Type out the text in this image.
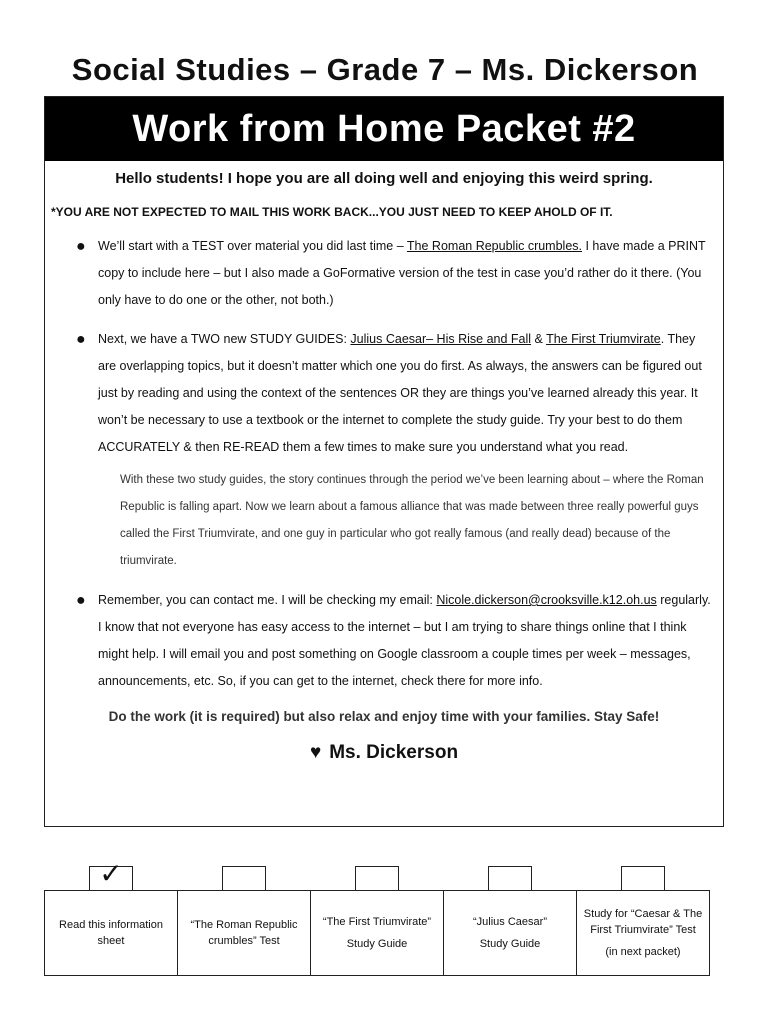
Social Studies – Grade 7 – Ms. Dickerson
Work from Home Packet #2
Hello students! I hope you are all doing well and enjoying this weird spring.
*YOU ARE NOT EXPECTED TO MAIL THIS WORK BACK...YOU JUST NEED TO KEEP AHOLD OF IT.
● We’ll start with a TEST over material you did last time – The Roman Republic crumbles. I have made a PRINT copy to include here – but I also made a GoFormative version of the test in case you’d rather do it there. (You only have to do one or the other, not both.)
● Next, we have a TWO new STUDY GUIDES: Julius Caesar– His Rise and Fall & The First Triumvirate. They are overlapping topics, but it doesn’t matter which one you do first. As always, the answers can be figured out just by reading and using the context of the sentences OR they are things you’ve learned already this year. It won’t be necessary to use a textbook or the internet to complete the study guide. Try your best to do them ACCURATELY & then RE-READ them a few times to make sure you understand what you read.
With these two study guides, the story continues through the period we’ve been learning about – where the Roman Republic is falling apart. Now we learn about a famous alliance that was made between three really powerful guys called the First Triumvirate, and one guy in particular who got really famous (and really dead) because of the triumvirate.
● Remember, you can contact me. I will be checking my email: Nicole.dickerson@crooksville.k12.oh.us regularly. I know that not everyone has easy access to the internet – but I am trying to share things online that I think might help. I will email you and post something on Google classroom a couple times per week – messages, announcements, etc. So, if you can get to the internet, check there for more info.
Do the work (it is required) but also relax and enjoy time with your families. Stay Safe!
♥ Ms. Dickerson
✓
Read this information sheet
“The Roman Republic crumbles” Test
“The First Triumvirate”
Study Guide
“Julius Caesar”
Study Guide
Study for “Caesar & The First Triumvirate” Test
(in next packet)
